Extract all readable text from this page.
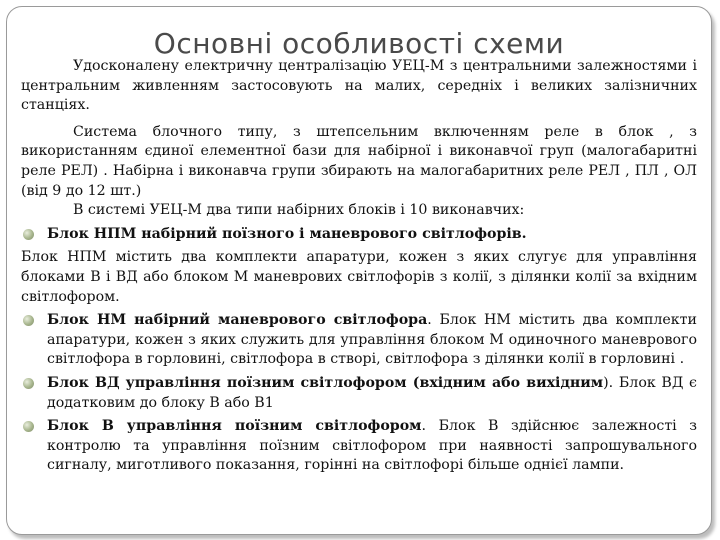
Основні особливості схеми

Удосконалену електричну централізацію УЕЦ-М з центральними залежностями і центральним живленням застосовують на малих, середніх і великих залізничних станціях.

Система блочного типу, з штепсельним включенням реле в блок , з використанням єдиної елементної бази для набірної і виконавчої груп (малогабаритні реле РЕЛ) . Набірна і виконавча групи збирають на малогабаритних реле РЕЛ , ПЛ , ОЛ (від 9 до 12 шт.)

В системі УЕЦ-М два типи набірних блоків і 10 виконавчих:

Блок НПМ набірний поїзного і маневрового світлофорів.

Блок НПМ містить два комплекти апаратури, кожен з яких слугує для управління блоками В і ВД або блоком М маневрових світлофорів з колії, з ділянки колії за вхідним світлофором.

Блок НМ набірний маневрового світлофора. Блок НМ містить два комплекти апаратури, кожен з яких служить для управління блоком М одиночного маневрового світлофора в горловині, світлофора в створі, світлофора з ділянки колії в горловині .
Блок ВД управління поїзним світлофором (вхідним або вихідним). Блок ВД є додатковим до блоку В або В1
Блок В управління поїзним світлофором. Блок В здійснює залежності з контролю та управління поїзним світлофором при наявності запрошувального сигналу, миготливого показання, горінні на світлофорі більше однієї лампи.
